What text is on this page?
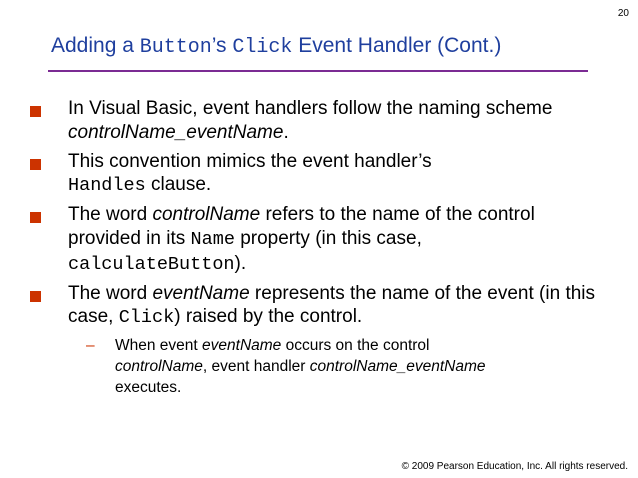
20
Adding a Button’s Click Event Handler (Cont.)
In Visual Basic, event handlers follow the naming scheme controlName_eventName.
This convention mimics the event handler’s
Handles clause.
The word controlName refers to the name of the control provided in its Name property (in this case,
calculateButton).
The word eventName represents the name of the event (in this case, Click) raised by the control.
– When event eventName occurs on the control
controlName, event handler controlName_eventName
executes.
© 2009 Pearson Education, Inc. All rights reserved.
